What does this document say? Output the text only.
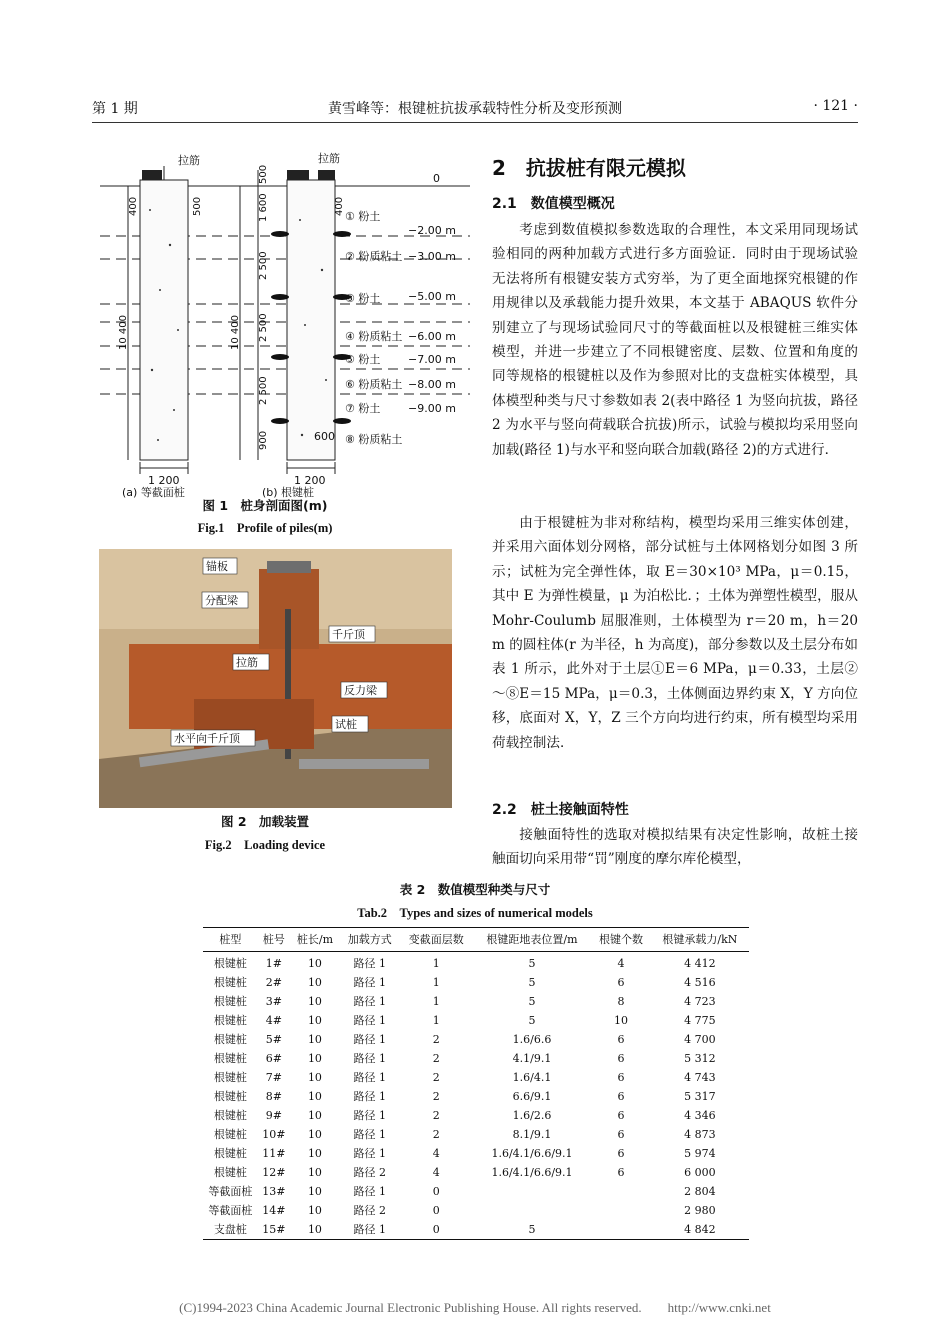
第 1 期	黄雪峰等：根键桩抗拔承载特性分析及变形预测	· 121 ·
拉筋	拉筋
0
① 粉土
② 粉质粘土
③ 粉土
④ 粉质粘土
⑤ 粉土
⑥ 粉质粘土
⑦ 粉土
⑧ 粉质粘土
−2.00 m
−3.00 m
−5.00 m
−6.00 m
−7.00 m
−8.00 m
−9.00 m
600
1 200	1 200
(a) 等截面桩	(b) 根键桩
10 400	10 400
400	500
500
400
1 600
2 500
2 500
2 500
900
图 1　桩身剖面图(m)
Fig.1　Profile of piles(m)
锚板
分配梁
千斤顶
拉筋
反力梁
水平向千斤顶
试桩
图 2　加载装置
Fig.2　Loading device
2　抗拔桩有限元模拟
2.1　数值模型概况
考虑到数值模拟参数选取的合理性，本文采用同现场试验相同的两种加载方式进行多方面验证．同时由于现场试验无法将所有根键安装方式穷举，为了更全面地探究根键的作用规律以及承载能力提升效果，本文基于 ABAQUS 软件分别建立了与现场试验同尺寸的等截面桩以及根键桩三维实体模型，并进一步建立了不同根键密度、层数、位置和角度的同等规格的根键桩以及作为参照对比的支盘桩实体模型，具体模型种类与尺寸参数如表 2(表中路径 1 为竖向抗拔，路径 2 为水平与竖向荷载联合抗拔)所示，试验与模拟均采用竖向加载(路径 1)与水平和竖向联合加载(路径 2)的方式进行．
由于根键桩为非对称结构，模型均采用三维实体创建，并采用六面体划分网格，部分试桩与土体网格划分如图 3 所示；试桩为完全弹性体，取 E＝30×10³ MPa，μ＝0.15，其中 E 为弹性模量，μ 为泊松比．；土体为弹塑性模型，服从 Mohr-Coulumb 屈服准则，土体模型为 r＝20 m，h＝20 m 的圆柱体(r 为半径，h 为高度)，部分参数以及土层分布如表 1 所示，此外对于土层①E＝6 MPa，μ＝0.33，土层②～⑧E＝15 MPa，μ＝0.3，土体侧面边界约束 X，Y 方向位移，底面对 X，Y，Z 三个方向均进行约束，所有模型均采用荷载控制法．
2.2　桩土接触面特性
接触面特性的选取对模拟结果有决定性影响，故桩土接触面切向采用带“罚”刚度的摩尔库伦模型，
表 2　数值模型种类与尺寸
Tab.2　Types and sizes of numerical models
桩型	桩号	桩长/m	加载方式	变截面层数	根键距地表位置/m	根键个数	根键承载力/kN
根键桩	1#	10	路径 1	1	5	4	4 412
根键桩	2#	10	路径 1	1	5	6	4 516
根键桩	3#	10	路径 1	1	5	8	4 723
根键桩	4#	10	路径 1	1	5	10	4 775
根键桩	5#	10	路径 1	2	1.6/6.6	6	4 700
根键桩	6#	10	路径 1	2	4.1/9.1	6	5 312
根键桩	7#	10	路径 1	2	1.6/4.1	6	4 743
根键桩	8#	10	路径 1	2	6.6/9.1	6	5 317
根键桩	9#	10	路径 1	2	1.6/2.6	6	4 346
根键桩	10#	10	路径 1	2	8.1/9.1	6	4 873
根键桩	11#	10	路径 1	4	1.6/4.1/6.6/9.1	6	5 974
根键桩	12#	10	路径 2	4	1.6/4.1/6.6/9.1	6	6 000
等截面桩	13#	10	路径 1	0			2 804
等截面桩	14#	10	路径 2	0			2 980
支盘桩	15#	10	路径 1	0	5		4 842
(C)1994-2023 China Academic Journal Electronic Publishing House. All rights reserved.　　http://www.cnki.net
